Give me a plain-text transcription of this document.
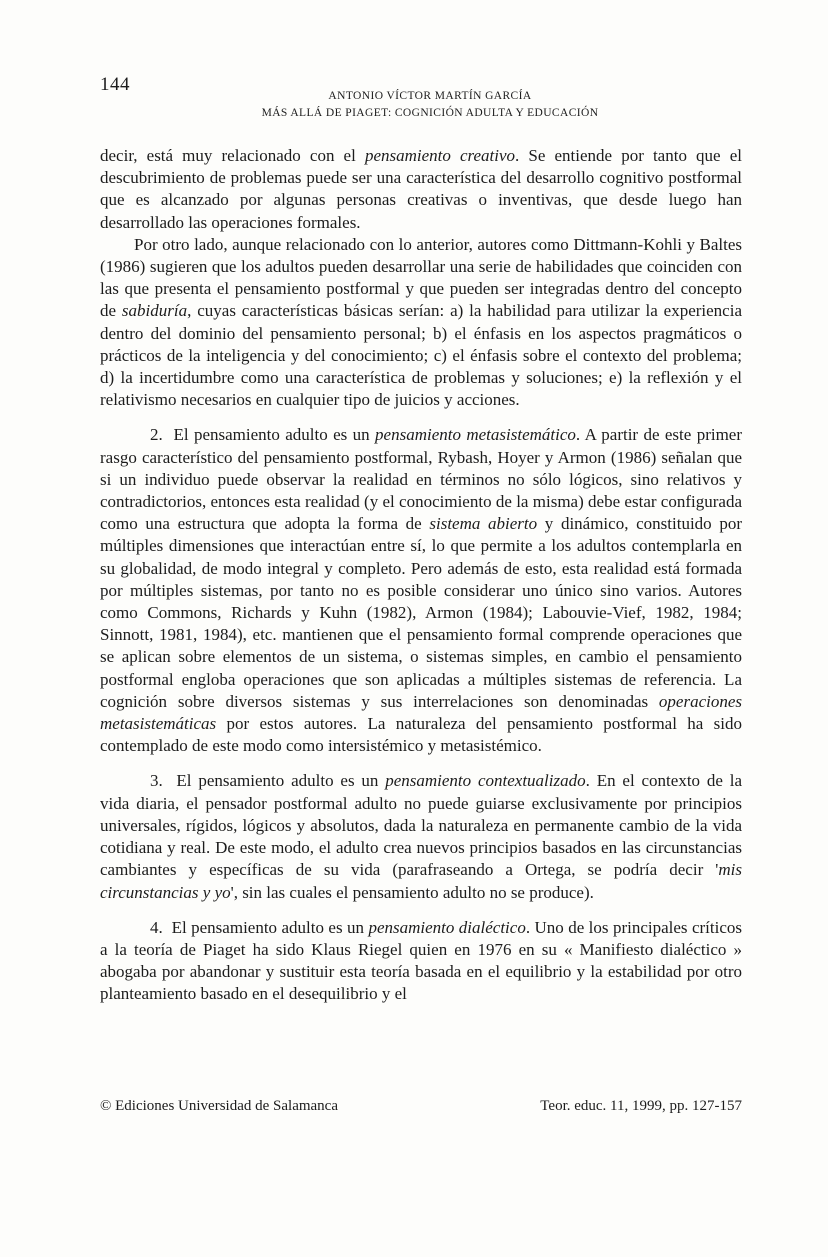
144
ANTONIO VÍCTOR MARTÍN GARCÍA
MÁS ALLÁ DE PIAGET: COGNICIÓN ADULTA Y EDUCACIÓN

decir, está muy relacionado con el pensamiento creativo. Se entiende por tanto que el descubrimiento de problemas puede ser una característica del desarrollo cognitivo postformal que es alcanzado por algunas personas creativas o inventivas, que desde luego han desarrollado las operaciones formales.

Por otro lado, aunque relacionado con lo anterior, autores como Dittmann-Kohli y Baltes (1986) sugieren que los adultos pueden desarrollar una serie de habilidades que coinciden con las que presenta el pensamiento postformal y que pueden ser integradas dentro del concepto de sabiduría, cuyas características básicas serían: a) la habilidad para utilizar la experiencia dentro del dominio del pensamiento personal; b) el énfasis en los aspectos pragmáticos o prácticos de la inteligencia y del conocimiento; c) el énfasis sobre el contexto del problema; d) la incertidumbre como una característica de problemas y soluciones; e) la reflexión y el relativismo necesarios en cualquier tipo de juicios y acciones.

2.  El pensamiento adulto es un pensamiento metasistemático. A partir de este primer rasgo característico del pensamiento postformal, Rybash, Hoyer y Armon (1986) señalan que si un individuo puede observar la realidad en términos no sólo lógicos, sino relativos y contradictorios, entonces esta realidad (y el conocimiento de la misma) debe estar configurada como una estructura que adopta la forma de sistema abierto y dinámico, constituido por múltiples dimensiones que interactúan entre sí, lo que permite a los adultos contemplarla en su globalidad, de modo integral y completo. Pero además de esto, esta realidad está formada por múltiples sistemas, por tanto no es posible considerar uno único sino varios. Autores como Commons, Richards y Kuhn (1982), Armon (1984); Labouvie-Vief, 1982, 1984; Sinnott, 1981, 1984), etc. mantienen que el pensamiento formal comprende operaciones que se aplican sobre elementos de un sistema, o sistemas simples, en cambio el pensamiento postformal engloba operaciones que son aplicadas a múltiples sistemas de referencia. La cognición sobre diversos sistemas y sus interrelaciones son denominadas operaciones metasistemáticas por estos autores. La naturaleza del pensamiento postformal ha sido contemplado de este modo como intersistémico y metasistémico.

3.  El pensamiento adulto es un pensamiento contextualizado. En el contexto de la vida diaria, el pensador postformal adulto no puede guiarse exclusivamente por principios universales, rígidos, lógicos y absolutos, dada la naturaleza en permanente cambio de la vida cotidiana y real. De este modo, el adulto crea nuevos principios basados en las circunstancias cambiantes y específicas de su vida (parafraseando a Ortega, se podría decir 'mis circunstancias y yo', sin las cuales el pensamiento adulto no se produce).

4.  El pensamiento adulto es un pensamiento dialéctico. Uno de los principales críticos a la teoría de Piaget ha sido Klaus Riegel quien en 1976 en su « Manifiesto dialéctico » abogaba por abandonar y sustituir esta teoría basada en el equilibrio y la estabilidad por otro planteamiento basado en el desequilibrio y el

© Ediciones Universidad de Salamanca	Teor. educ. 11, 1999, pp. 127-157
